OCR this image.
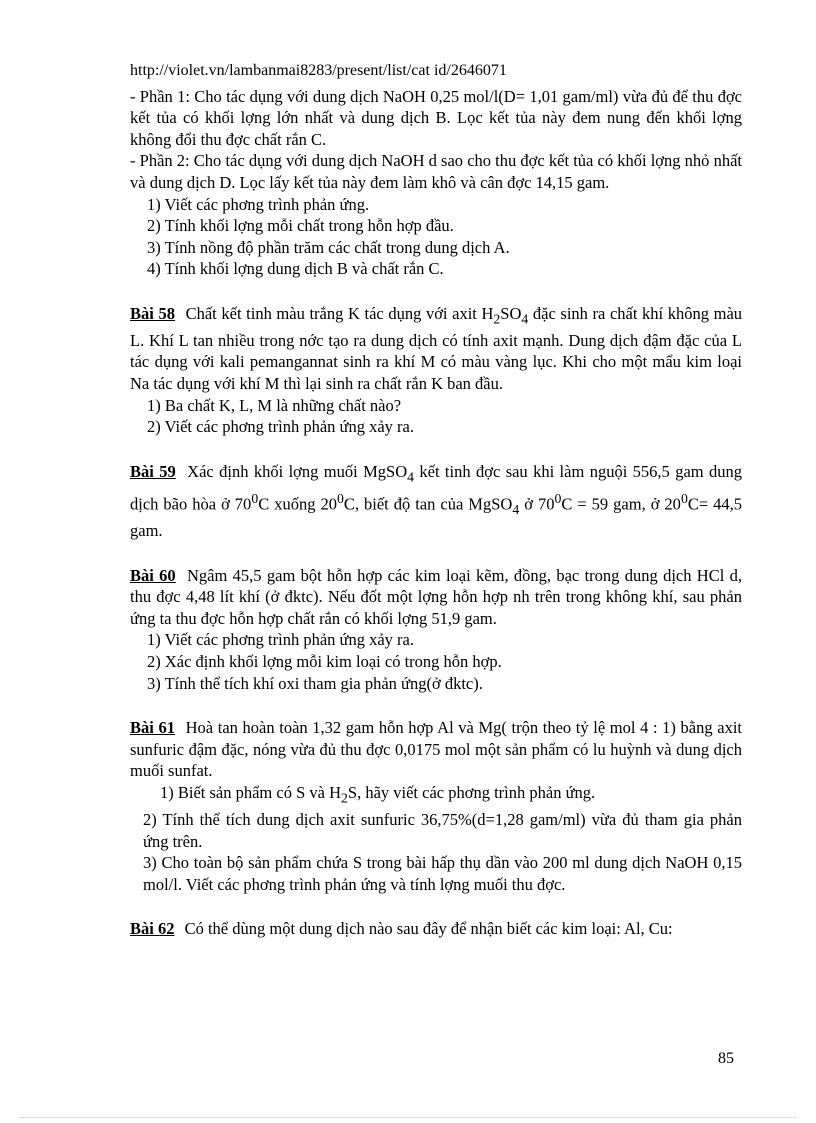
http://violet.vn/lambanmai8283/present/list/cat id/2646071

- Phần 1: Cho tác dụng với dung dịch NaOH 0,25 mol/l(D= 1,01 gam/ml) vừa đủ để thu đợc kết tủa có khối lợng lớn nhất và dung dịch B. Lọc kết tủa này đem nung đến khối lợng không đổi thu đợc chất rắn C.

- Phần 2: Cho tác dụng với dung dịch NaOH d sao cho thu đợc kết tủa có khối lợng nhỏ nhất và dung dịch D. Lọc lấy kết tủa này đem làm khô và cân đợc 14,15 gam.

1) Viết các phơng trình phản ứng.
2) Tính khối lợng mỗi chất trong hỗn hợp đầu.
3) Tính nồng độ phần trăm các chất trong dung dịch A.
4) Tính khối lợng dung dịch B và chất rắn C.

Bài 58 Chất kết tinh màu trắng K tác dụng với axit $H_2SO_4$ đặc sinh ra chất khí không màu L. Khí L tan nhiều trong nớc tạo ra dung dịch có tính axit mạnh. Dung dịch đậm đặc của L tác dụng với kali pemangannat sinh ra khí M có màu vàng lục. Khi cho một mẩu kim loại Na tác dụng với khí M thì lại sinh ra chất rắn K ban đầu.

1) Ba chất K, L, M là những chất nào?
2) Viết các phơng trình phản ứng xảy ra.

Bài 59 Xác định khối lợng muối MgSO$_4$ kết tinh đợc sau khi làm nguội 556,5 gam dung dịch bão hòa ở $70^0C$ xuống $20^0C$, biết độ tan của MgSO$_4$ ở $70^0C = 59$ gam, ở $20^0C= 44,5$ gam.

Bài 60 Ngâm 45,5 gam bột hỗn hợp các kim loại kẽm, đồng, bạc trong dung dịch HCl d, thu đợc 4,48 lít khí (ở đktc). Nếu đốt một lợng hỗn hợp nh trên trong không khí, sau phản ứng ta thu đợc hỗn hợp chất rắn có khối lợng 51,9 gam.

1) Viết các phơng trình phản ứng xảy ra.
2) Xác định khối lợng mỗi kim loại có trong hỗn hợp.
3) Tính thể tích khí oxi tham gia phản ứng(ở đktc).

Bài 61 Hoà tan hoàn toàn 1,32 gam hỗn hợp Al và Mg( trộn theo tỷ lệ mol 4 : 1) bằng axit sunfuric đậm đặc, nóng vừa đủ thu đợc 0,0175 mol một sản phẩm có lu huỳnh và dung dịch muối sunfat.

1) Biết sản phẩm có S và $H_2S$, hãy viết các phơng trình phản ứng.

2) Tính thể tích dung dịch axit sunfuric 36,75%(d=1,28 gam/ml) vừa đủ tham gia phản ứng trên.

3) Cho toàn bộ sản phẩm chứa S trong bài hấp thụ dần vào 200 ml dung dịch NaOH 0,15 mol/l. Viết các phơng trình phản ứng và tính lợng muối thu đợc.

Bài 62 Có thể dùng một dung dịch nào sau đây để nhận biết các kim loại: Al, Cu:

85
